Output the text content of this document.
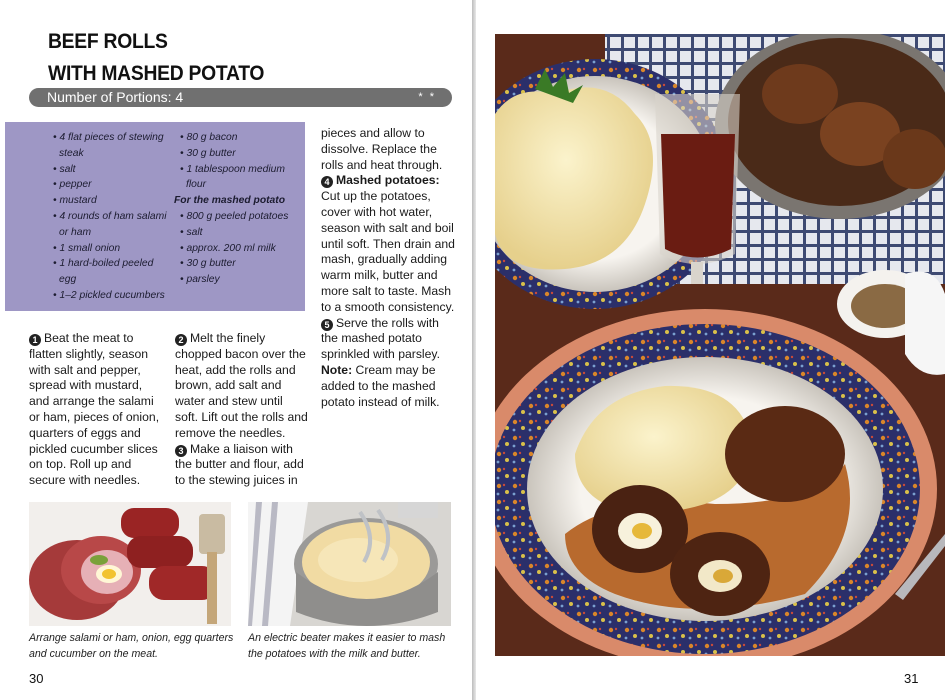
BEEF ROLLS
WITH MASHED POTATO
Number of Portions: 4	* *
• 4 flat pieces of stewing steak
• salt
• pepper
• mustard
• 4 rounds of ham salami or ham
• 1 small onion
• 1 hard-boiled peeled egg
• 1–2 pickled cucumbers
• 80 g bacon
• 30 g butter
• 1 tablespoon medium flour
For the mashed potato
• 800 g peeled potatoes
• salt
• approx. 200 ml milk
• 30 g butter
• parsley
pieces and allow to dissolve. Replace the rolls and heat through.
4 Mashed potatoes: Cut up the potatoes, cover with hot water, season with salt and boil until soft. Then drain and mash, gradually adding warm milk, butter and more salt to taste. Mash to a smooth consistency.
5 Serve the rolls with the mashed potato sprinkled with parsley.
Note: Cream may be added to the mashed potato instead of milk.
1 Beat the meat to flatten slightly, season with salt and pepper, spread with mustard, and arrange the salami or ham, pieces of onion, quarters of eggs and pickled cucumber slices on top. Roll up and secure with needles.
2 Melt the finely chopped bacon over the heat, add the rolls and brown, add salt and water and stew until soft. Lift out the rolls and remove the needles.
3 Make a liaison with the butter and flour, add to the stewing juices in
Arrange salami or ham, onion, egg quarters and cucumber on the meat.
An electric beater makes it easier to mash the potatoes with the milk and butter.
30	31
